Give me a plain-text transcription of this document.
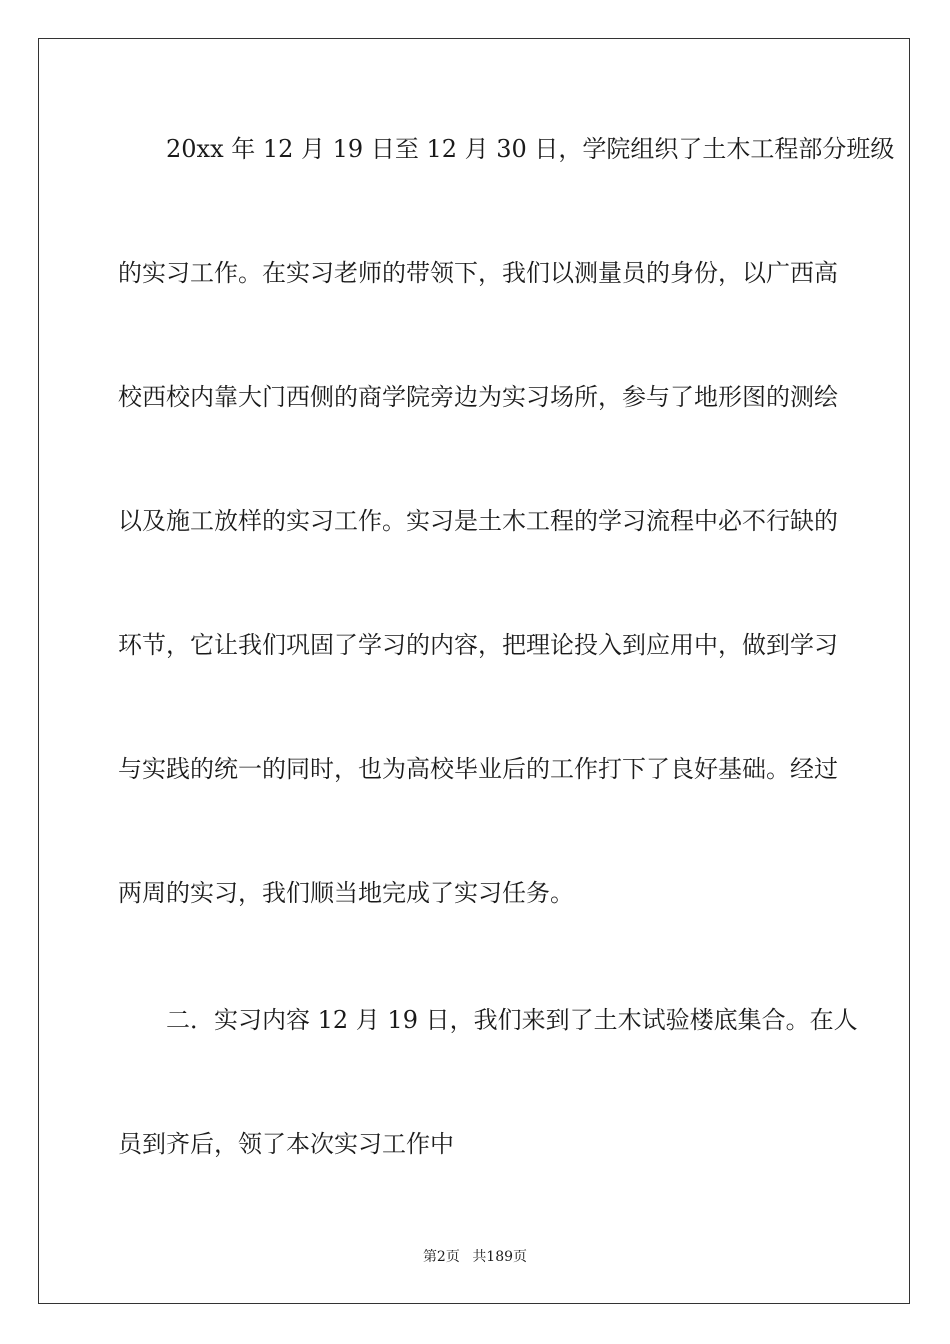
20xx 年 12 月 19 日至 12 月 30 日，学院组织了土木工程部分班级
的实习工作。在实习老师的带领下，我们以测量员的身份，以广西高
校西校内靠大门西侧的商学院旁边为实习场所，参与了地形图的测绘
以及施工放样的实习工作。实习是土木工程的学习流程中必不行缺的
环节，它让我们巩固了学习的内容，把理论投入到应用中，做到学习
与实践的统一的同时，也为高校毕业后的工作打下了良好基础。经过
两周的实习，我们顺当地完成了实习任务。
二．实习内容 12 月 19 日，我们来到了土木试验楼底集合。在人
员到齐后，领了本次实习工作中
第2页 共189页
